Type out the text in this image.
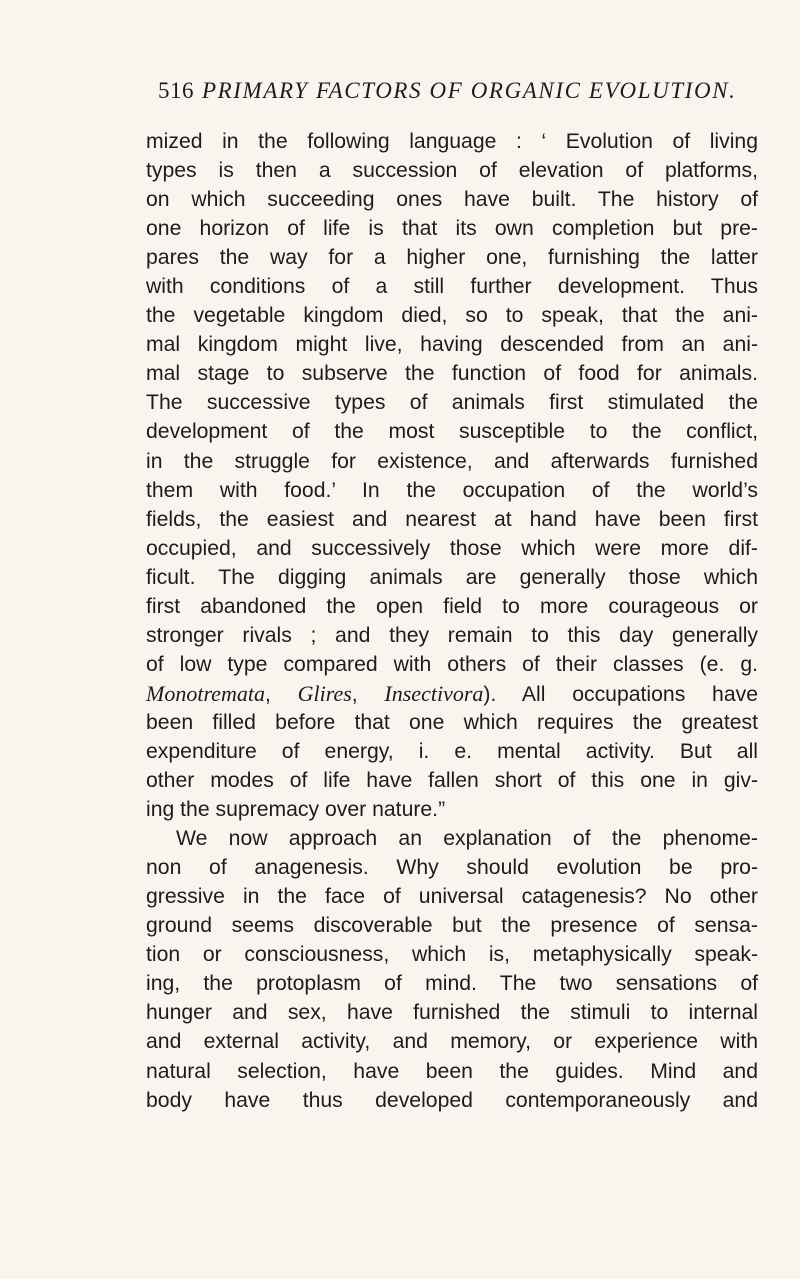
516 PRIMARY FACTORS OF ORGANIC EVOLUTION.
mized in the following language : ‘ Evolution of living
types is then a succession of elevation of platforms,
on which succeeding ones have built. The history of
one horizon of life is that its own completion but pre-
pares the way for a higher one, furnishing the latter
with conditions of a still further development. Thus
the vegetable kingdom died, so to speak, that the ani-
mal kingdom might live, having descended from an ani-
mal stage to subserve the function of food for animals.
The successive types of animals first stimulated the
development of the most susceptible to the conflict,
in the struggle for existence, and afterwards furnished
them with food.’ In the occupation of the world’s
fields, the easiest and nearest at hand have been first
occupied, and successively those which were more dif-
ficult. The digging animals are generally those which
first abandoned the open field to more courageous or
stronger rivals ; and they remain to this day generally
of low type compared with others of their classes (e. g.
Monotremata, Glires, Insectivora). All occupations have
been filled before that one which requires the greatest
expenditure of energy, i. e. mental activity. But all
other modes of life have fallen short of this one in giv-
ing the supremacy over nature.”
We now approach an explanation of the phenome-
non of anagenesis. Why should evolution be pro-
gressive in the face of universal catagenesis? No other
ground seems discoverable but the presence of sensa-
tion or consciousness, which is, metaphysically speak-
ing, the protoplasm of mind. The two sensations of
hunger and sex, have furnished the stimuli to internal
and external activity, and memory, or experience with
natural selection, have been the guides. Mind and
body have thus developed contemporaneously and
